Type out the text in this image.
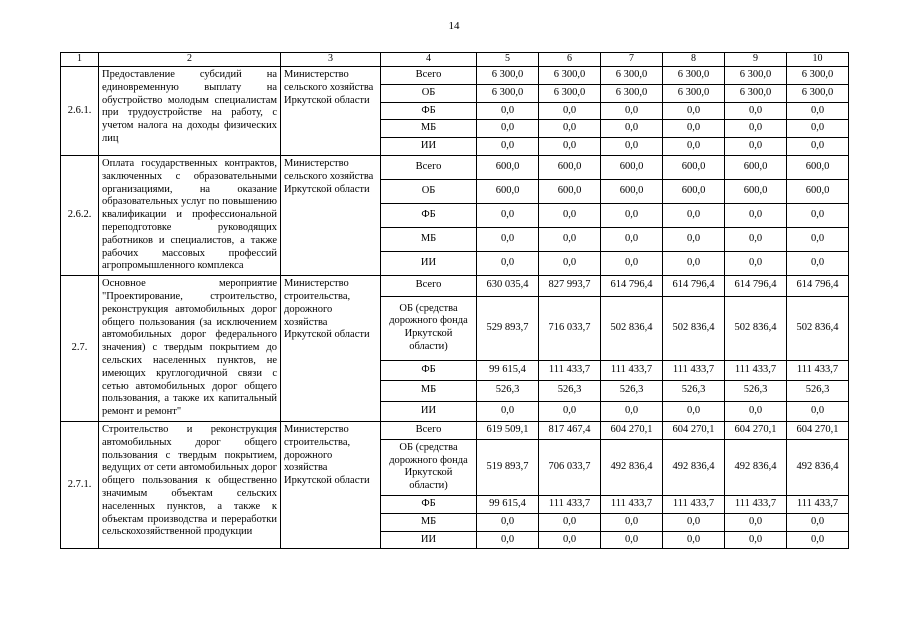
14
1	2	3	4	5	6	7	8	9	10
2.6.1.	Предоставление субсидий на единовременную выплату на обустройство молодым специалистам при трудоустройстве на работу, с учетом налога на доходы физических лиц	Министерство сельского хозяйства Иркутской области	Всего	6 300,0	6 300,0	6 300,0	6 300,0	6 300,0	6 300,0
			ОБ	6 300,0	6 300,0	6 300,0	6 300,0	6 300,0	6 300,0
			ФБ	0,0	0,0	0,0	0,0	0,0	0,0
			МБ	0,0	0,0	0,0	0,0	0,0	0,0
			ИИ	0,0	0,0	0,0	0,0	0,0	0,0
2.6.2.	Оплата государственных контрактов, заключенных с образовательными организациями, на оказание образовательных услуг по повышению квалификации и профессиональной переподготовке руководящих работников и специалистов, а также рабочих массовых профессий агропромышленного комплекса	Министерство сельского хозяйства Иркутской области	Всего	600,0	600,0	600,0	600,0	600,0	600,0
			ОБ	600,0	600,0	600,0	600,0	600,0	600,0
			ФБ	0,0	0,0	0,0	0,0	0,0	0,0
			МБ	0,0	0,0	0,0	0,0	0,0	0,0
			ИИ	0,0	0,0	0,0	0,0	0,0	0,0
2.7.	Основное мероприятие "Проектирование, строительство, реконструкция автомобильных дорог общего пользования (за исключением автомобильных дорог федерального значения) с твердым покрытием до сельских населенных пунктов, не имеющих круглогодичной связи с сетью автомобильных дорог общего пользования, а также их капитальный ремонт и ремонт"	Министерство строительства, дорожного хозяйства Иркутской области	Всего	630 035,4	827 993,7	614 796,4	614 796,4	614 796,4	614 796,4
			ОБ (средства дорожного фонда Иркутской области)	529 893,7	716 033,7	502 836,4	502 836,4	502 836,4	502 836,4
			ФБ	99 615,4	111 433,7	111 433,7	111 433,7	111 433,7	111 433,7
			МБ	526,3	526,3	526,3	526,3	526,3	526,3
			ИИ	0,0	0,0	0,0	0,0	0,0	0,0
2.7.1.	Строительство и реконструкция автомобильных дорог общего пользования с твердым покрытием, ведущих от сети автомобильных дорог общего пользования к общественно значимым объектам сельских населенных пунктов, а также к объектам производства и переработки сельскохозяйственной продукции	Министерство строительства, дорожного хозяйства Иркутской области	Всего	619 509,1	817 467,4	604 270,1	604 270,1	604 270,1	604 270,1
			ОБ (средства дорожного фонда Иркутской области)	519 893,7	706 033,7	492 836,4	492 836,4	492 836,4	492 836,4
			ФБ	99 615,4	111 433,7	111 433,7	111 433,7	111 433,7	111 433,7
			МБ	0,0	0,0	0,0	0,0	0,0	0,0
			ИИ	0,0	0,0	0,0	0,0	0,0	0,0
